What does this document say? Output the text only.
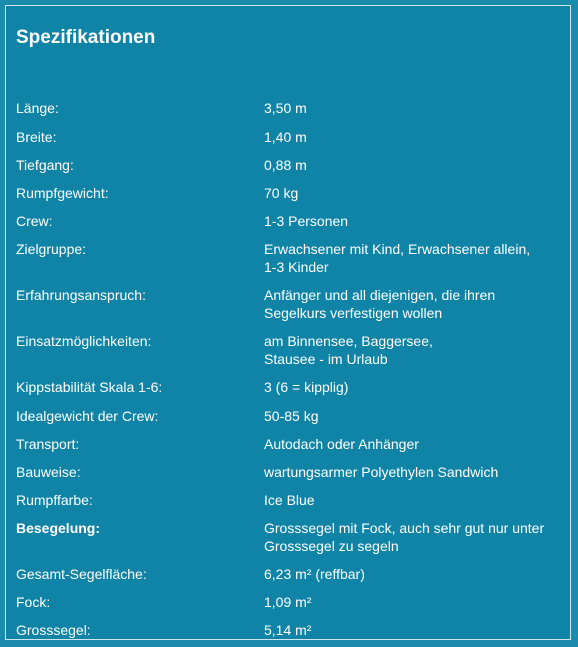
Spezifikationen
Länge:	3,50 m
Breite:	1,40 m
Tiefgang:	0,88 m
Rumpfgewicht:	70 kg
Crew:	1-3 Personen
Zielgruppe:	Erwachsener mit Kind, Erwachsener allein,
1-3 Kinder
Erfahrungsanspruch:	Anfänger und all diejenigen, die ihren
Segelkurs verfestigen wollen
Einsatzmöglichkeiten:	am Binnensee, Baggersee,
Stausee - im Urlaub
Kippstabilität Skala 1-6:	3 (6 = kipplig)
Idealgewicht der Crew:	50-85 kg
Transport:	Autodach oder Anhänger
Bauweise:	wartungsarmer Polyethylen Sandwich
Rumpffarbe:	Ice Blue
Besegelung:	Grosssegel mit Fock, auch sehr gut nur unter
Grosssegel zu segeln
Gesamt-Segelfläche:	6,23 m² (reffbar)
Fock:	1,09 m²
Grosssegel:	5,14 m²
